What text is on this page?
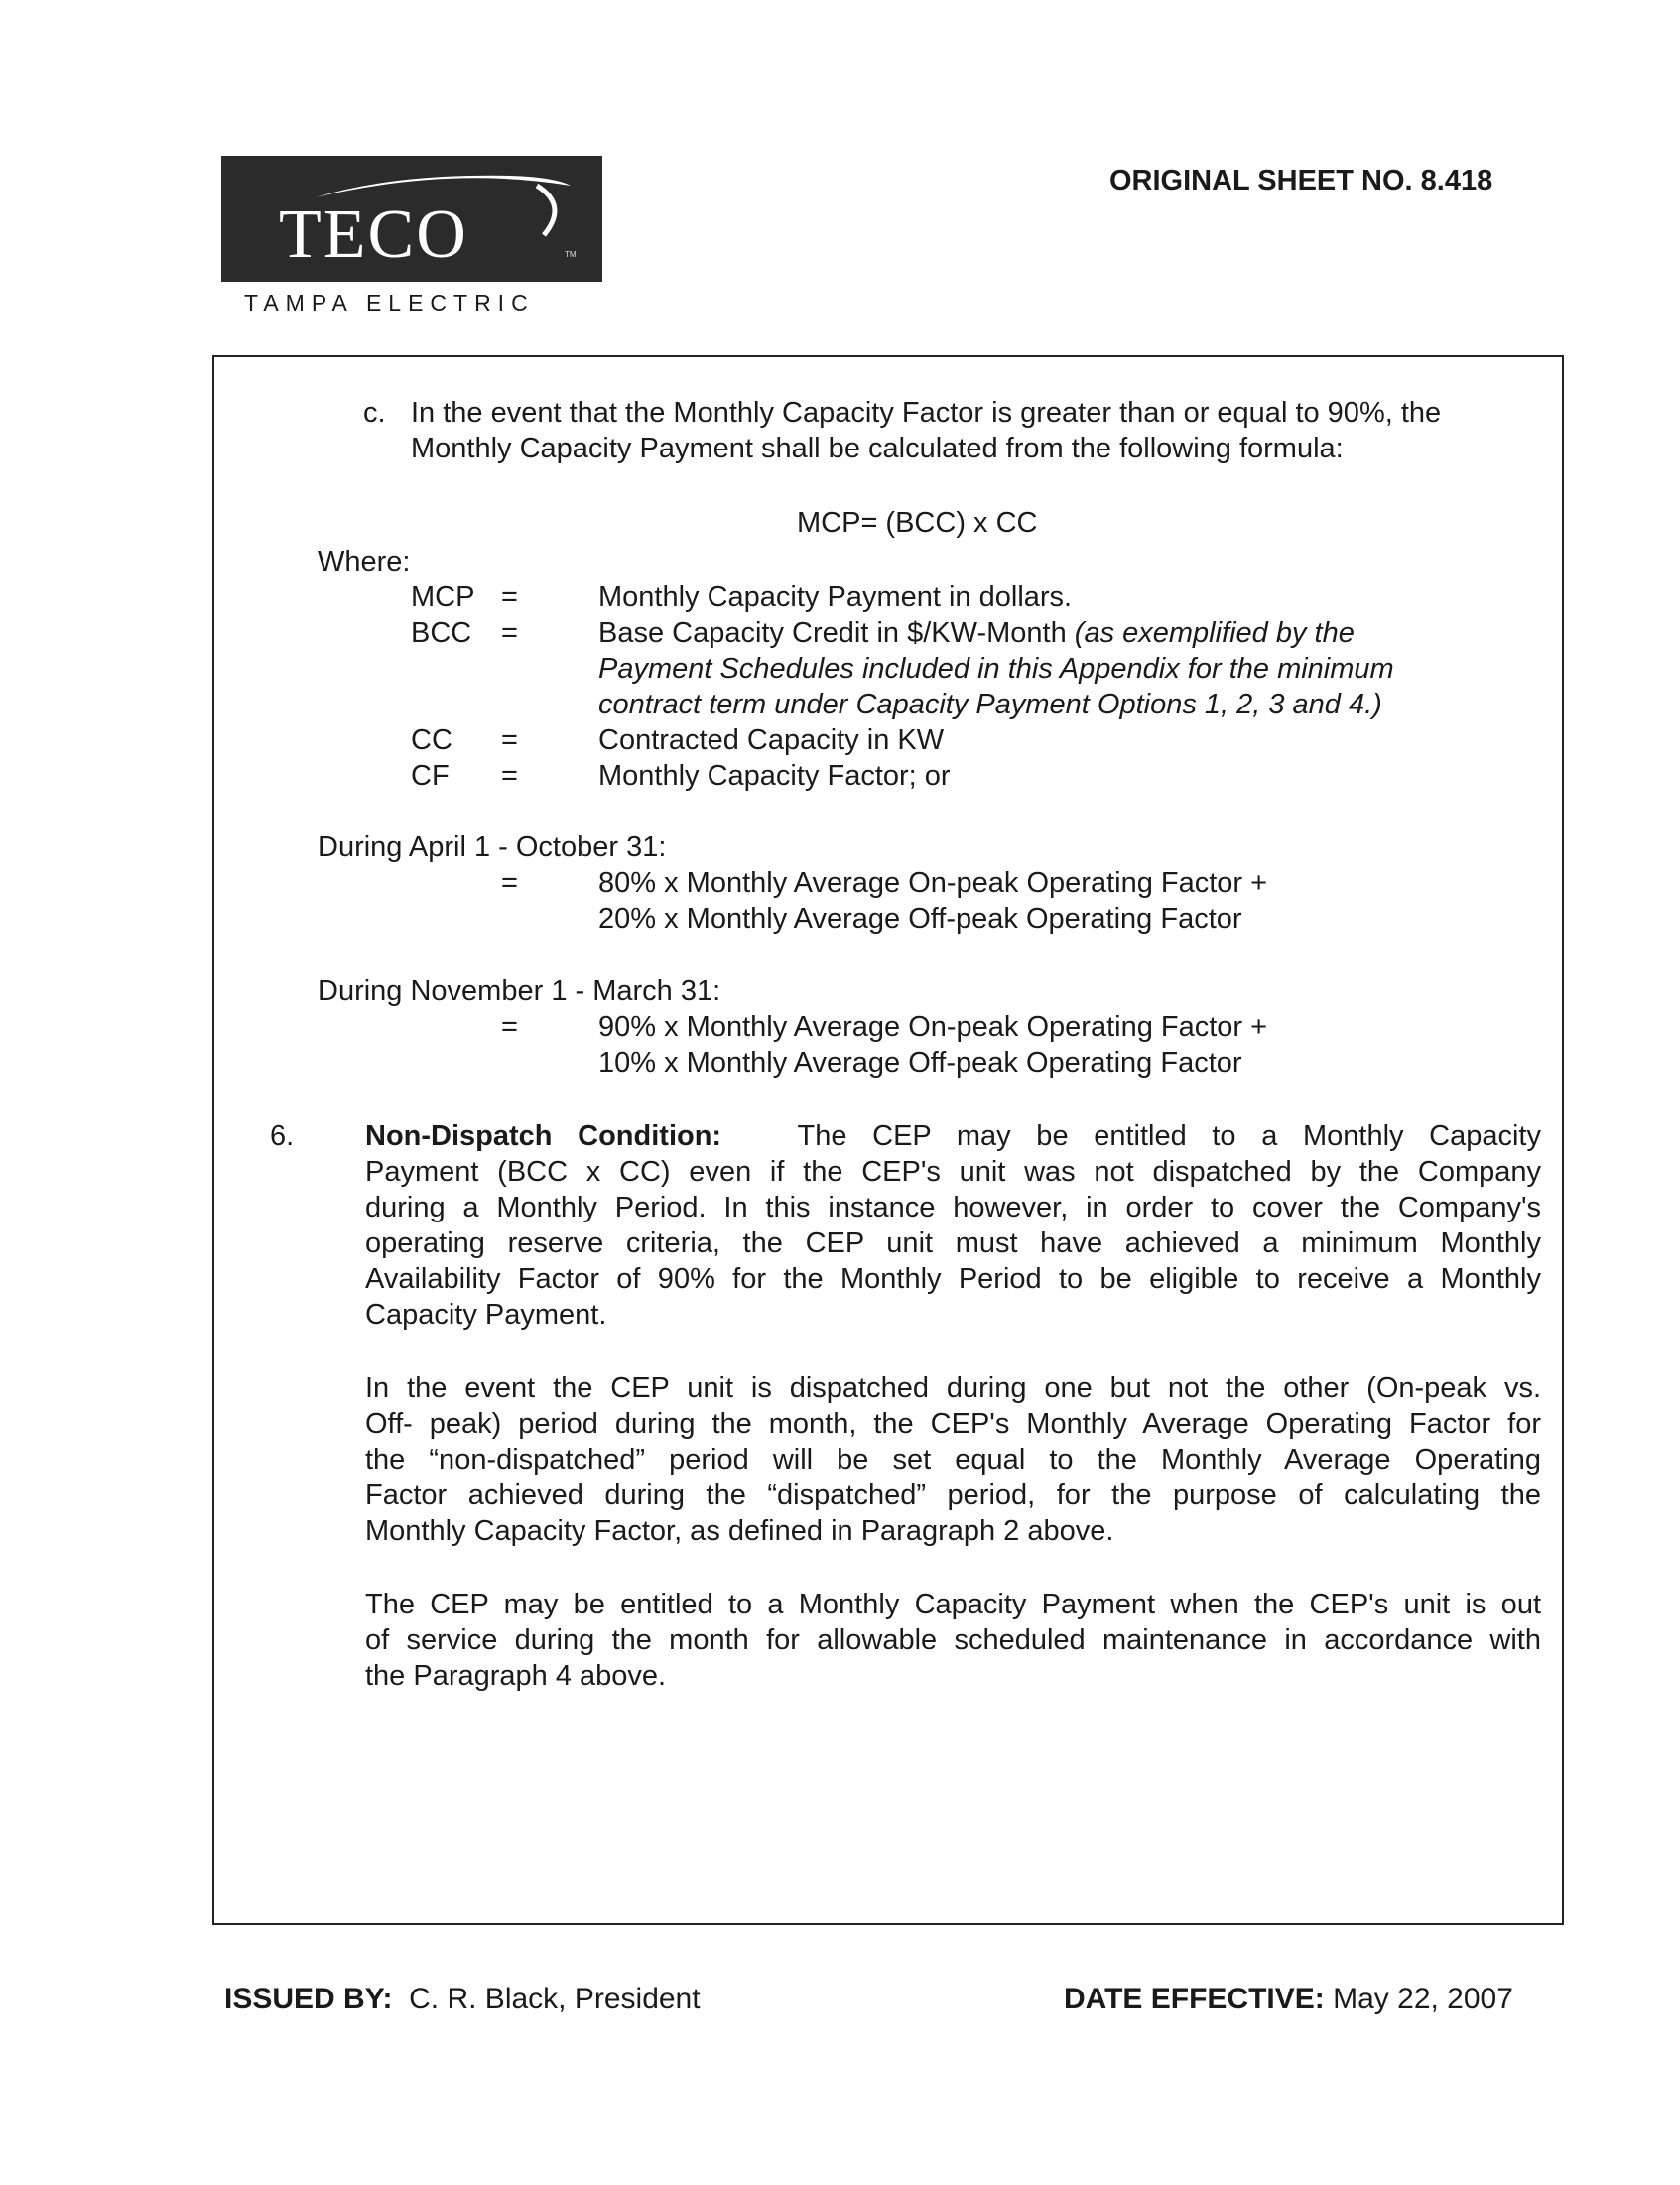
TECO	TM
TAMPA ELECTRIC
ORIGINAL SHEET NO. 8.418
c. In the event that the Monthly Capacity Factor is greater than or equal to 90%, the
Monthly Capacity Payment shall be calculated from the following formula:
MCP= (BCC) x CC
Where:
MCP =	Monthly Capacity Payment in dollars.
BCC =	Base Capacity Credit in $/KW-Month (as exemplified by the
Payment Schedules included in this Appendix for the minimum
contract term under Capacity Payment Options 1, 2, 3 and 4.)
CC =	Contracted Capacity in KW
CF =	Monthly Capacity Factor; or
During April 1 - October 31:
=	80% x Monthly Average On-peak Operating Factor +
20% x Monthly Average Off-peak Operating Factor
During November 1 - March 31:
=	90% x Monthly Average On-peak Operating Factor +
10% x Monthly Average Off-peak Operating Factor
6. Non-Dispatch Condition:	The CEP may be entitled to a Monthly Capacity
Payment (BCC x CC) even if the CEP's unit was not dispatched by the Company
during a Monthly Period. In this instance however, in order to cover the Company's
operating reserve criteria, the CEP unit must have achieved a minimum Monthly
Availability Factor of 90% for the Monthly Period to be eligible to receive a Monthly
Capacity Payment.
In the event the CEP unit is dispatched during one but not the other (On-peak vs.
Off- peak) period during the month, the CEP's Monthly Average Operating Factor for
the “non-dispatched” period will be set equal to the Monthly Average Operating
Factor achieved during the “dispatched” period, for the purpose of calculating the
Monthly Capacity Factor, as defined in Paragraph 2 above.
The CEP may be entitled to a Monthly Capacity Payment when the CEP's unit is out
of service during the month for allowable scheduled maintenance in accordance with
the Paragraph 4 above.
ISSUED BY: C. R. Black, President	DATE EFFECTIVE: May 22, 2007
